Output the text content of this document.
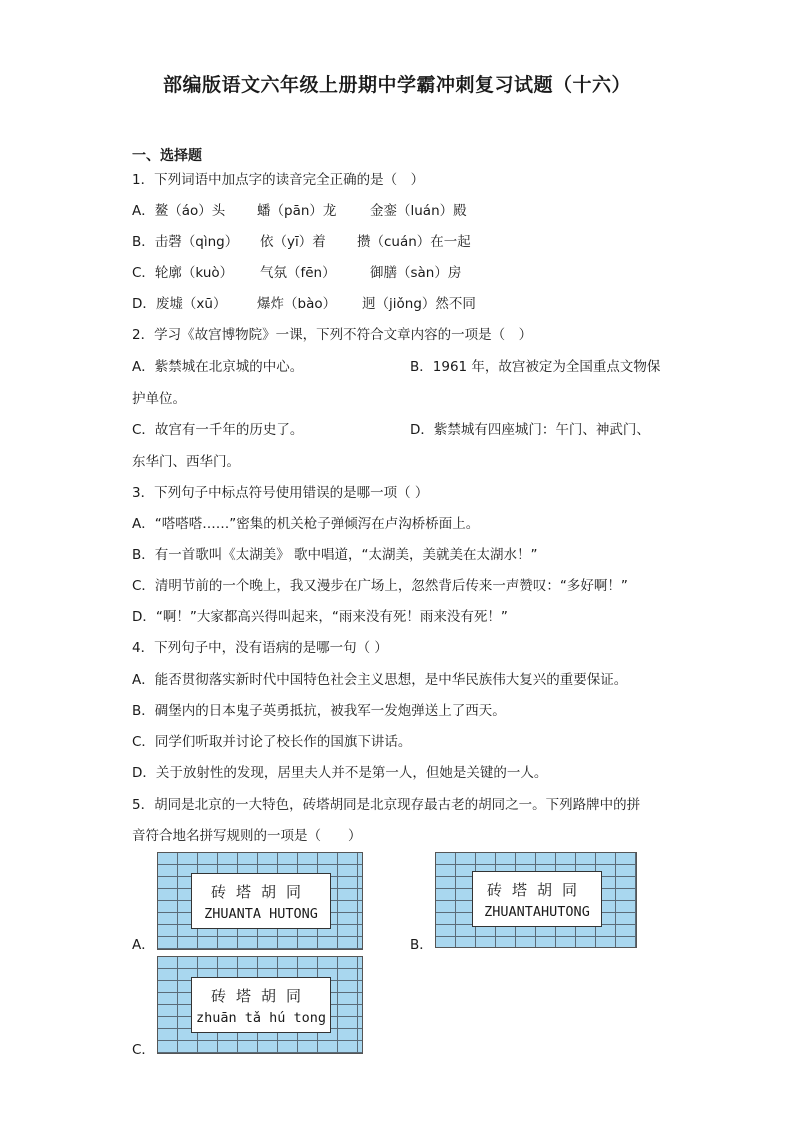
部编版语文六年级上册期中学霸冲刺复习试题（十六）
一、选择题
1．下列词语中加点字的读音完全正确的是（　）
A．鳌（áo）头 蟠（pān）龙 金銮（luán）殿
B．击磬（qìng） 依（yī）着 攒（cuán）在一起
C．轮廓（kuò） 气氛（fēn）	御膳（sàn）房
D．废墟（xū） 爆炸（bào） 迥（jiǒng）然不同
2．学习《故宫博物院》一课，下列不符合文章内容的一项是（　）
A．紫禁城在北京城的中心。	B．1961 年，故宫被定为全国重点文物保
护单位。
C．故宫有一千年的历史了。	D．紫禁城有四座城门：午门、神武门、
东华门、西华门。
3．下列句子中标点符号使用错误的是哪一项（ ）
A．“嗒嗒嗒……”密集的机关枪子弹倾泻在卢沟桥桥面上。
B．有一首歌叫《太湖美》 歌中唱道，“太湖美，美就美在太湖水！”
C．清明节前的一个晚上，我又漫步在广场上，忽然背后传来一声赞叹：“多好啊！”
D．“啊！”大家都高兴得叫起来，“雨来没有死！雨来没有死！”
4．下列句子中，没有语病的是哪一句（ ）
A．能否贯彻落实新时代中国特色社会主义思想，是中华民族伟大复兴的重要保证。
B．碉堡内的日本鬼子英勇抵抗，被我军一发炮弹送上了西天。
C．同学们听取并讨论了校长作的国旗下讲话。
D．关于放射性的发现，居里夫人并不是第一人，但她是关键的一人。
5．胡同是北京的一大特色，砖塔胡同是北京现存最古老的胡同之一。下列路牌中的拼
音符合地名拼写规则的一项是（　　）
A．
砖塔胡同
ZHUANTA HUTONG
B．
砖塔胡同
ZHUANTAHUTONG
C．
砖塔胡同
zhuān tǎ hú tong
